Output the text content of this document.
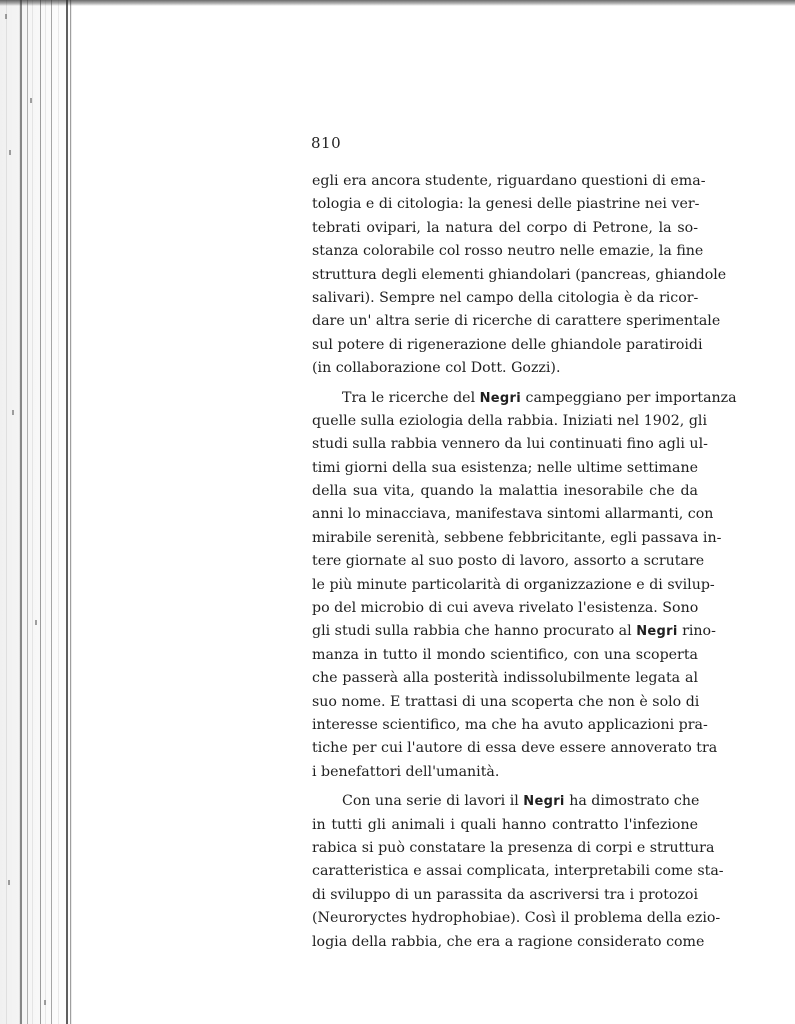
810
egli era ancora studente, riguardano questioni di ema-
tologia e di citologia: la genesi delle piastrine nei ver-
tebrati ovipari, la natura del corpo di Petrone, la so-
stanza colorabile col rosso neutro nelle emazie, la fine
struttura degli elementi ghiandolari (pancreas, ghiandole
salivari). Sempre nel campo della citologia è da ricor-
dare un' altra serie di ricerche di carattere sperimentale
sul potere di rigenerazione delle ghiandole paratiroidi
(in collaborazione col Dott. Gozzi).
Tra le ricerche del Negri campeggiano per importanza
quelle sulla eziologia della rabbia. Iniziati nel 1902, gli
studi sulla rabbia vennero da lui continuati fino agli ul-
timi giorni della sua esistenza; nelle ultime settimane
della sua vita, quando la malattia inesorabile che da
anni lo minacciava, manifestava sintomi allarmanti, con
mirabile serenità, sebbene febbricitante, egli passava in-
tere giornate al suo posto di lavoro, assorto a scrutare
le più minute particolarità di organizzazione e di svilup-
po del microbio di cui aveva rivelato l'esistenza. Sono
gli studi sulla rabbia che hanno procurato al Negri rino-
manza in tutto il mondo scientifico, con una scoperta
che passerà alla posterità indissolubilmente legata al
suo nome. E trattasi di una scoperta che non è solo di
interesse scientifico, ma che ha avuto applicazioni pra-
tiche per cui l'autore di essa deve essere annoverato tra
i benefattori dell'umanità.
Con una serie di lavori il Negri ha dimostrato che
in tutti gli animali i quali hanno contratto l'infezione
rabica si può constatare la presenza di corpi e struttura
caratteristica e assai complicata, interpretabili come sta-
di sviluppo di un parassita da ascriversi tra i protozoi
(Neuroryctes hydrophobiae). Così il problema della ezio-
logia della rabbia, che era a ragione considerato come
